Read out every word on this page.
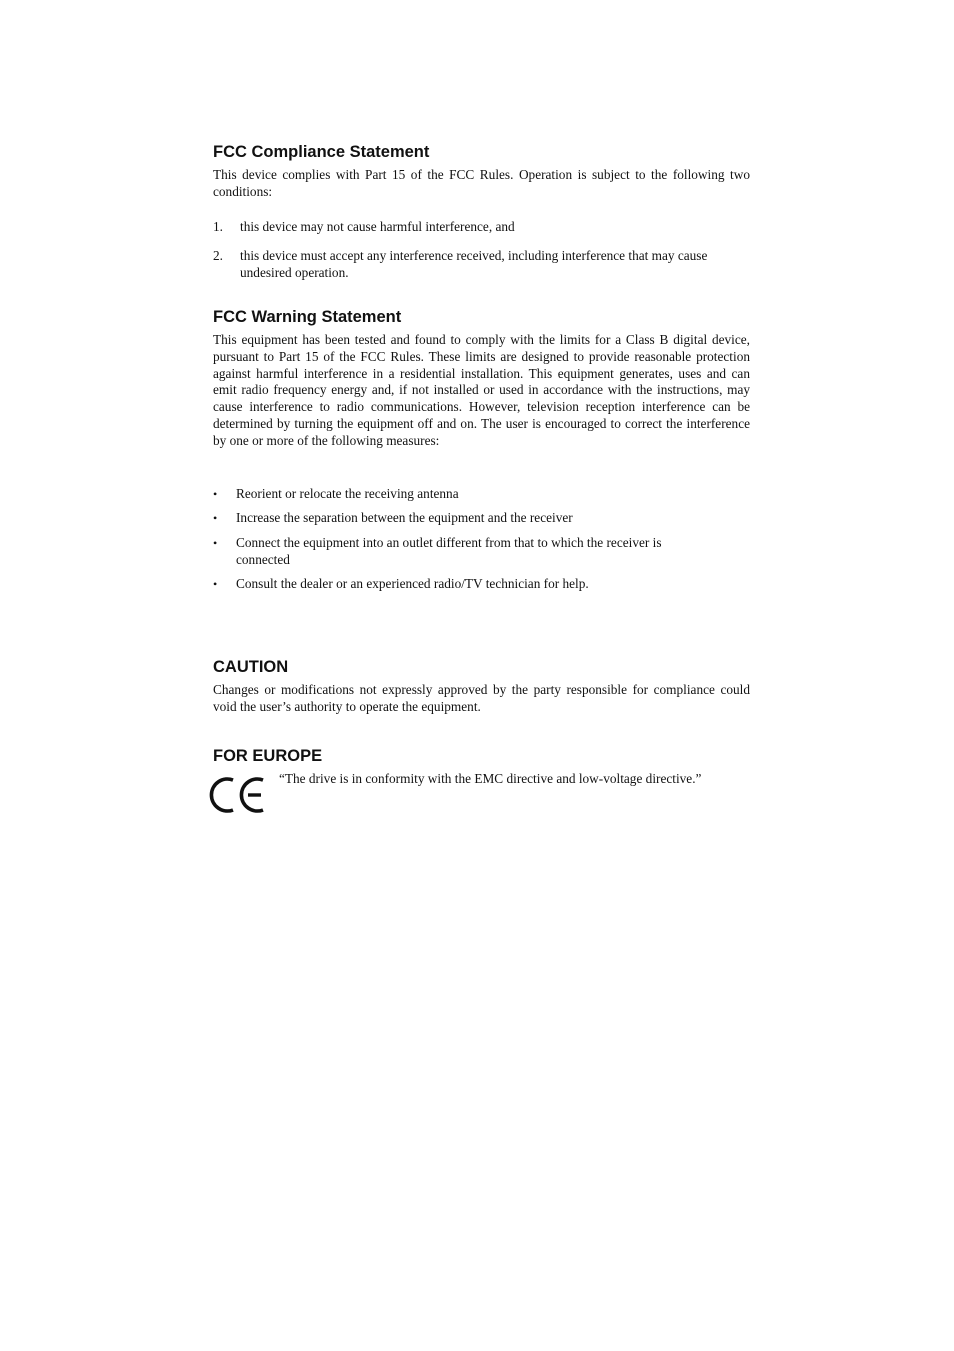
FCC Compliance Statement

This device complies with Part 15 of the FCC Rules. Operation is subject to the following two conditions:

1. this device may not cause harmful interference, and
2. this device must accept any interference received, including interference that may cause undesired operation.
FCC Warning Statement

This equipment has been tested and found to comply with the limits for a Class B digital device, pursuant to Part 15 of the FCC Rules. These limits are designed to provide reasonable protection against harmful interference in a residential installation. This equipment generates, uses and can emit radio frequency energy and, if not installed or used in accordance with the instructions, may cause interference to radio communications. However, television reception interference can be determined by turning the equipment off and on. The user is encouraged to correct the interference by one or more of the following measures:

• Reorient or relocate the receiving antenna
• Increase the separation between the equipment and the receiver
• Connect the equipment into an outlet different from that to which the receiver is connected
• Consult the dealer or an experienced radio/TV technician for help.
CAUTION

Changes or modifications not expressly approved by the party responsible for compliance could void the user’s authority to operate the equipment.

FOR EUROPE
“The drive is in conformity with the EMC directive and low-voltage directive.”
